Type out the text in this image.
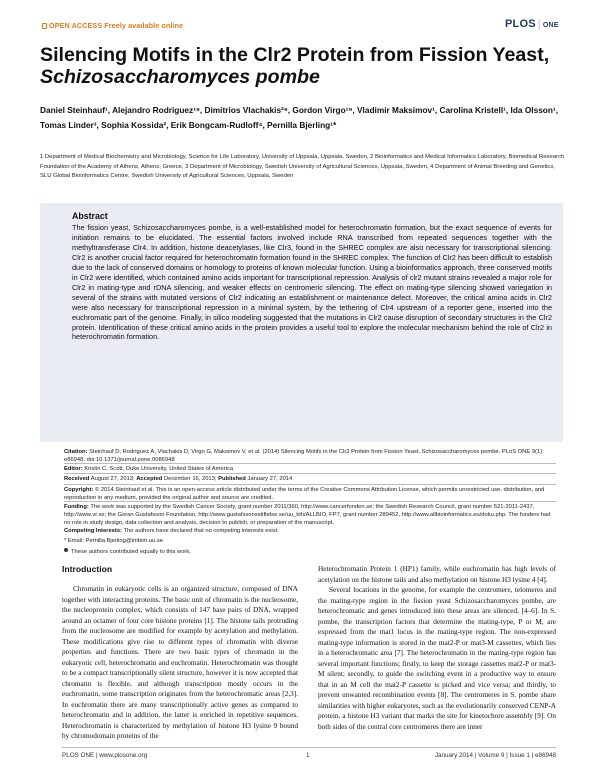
OPEN ACCESS Freely available online	PLOS | ONE
Silencing Motifs in the Clr2 Protein from Fission Yeast,
Schizosaccharomyces pombe
Daniel Steinhauf¹, Alejandro Rodriguez¹⁹, Dimitrios Vlachakis²⁹, Gordon Virgo¹⁹, Vladimir Maksimov¹, Carolina Kristell¹, Ida Olsson¹, Tomas Linder³, Sophia Kossida², Erik Bongcam-Rudloff⁴, Pernilla Bjerling¹*
1 Department of Medical Biochemistry and Microbiology, Science for Life Laboratory, University of Uppsala, Uppsala, Sweden, 2 Bioinformatics and Medical Informatics Laboratory, Biomedical Research Foundation of the Academy of Athens, Athens, Greece, 3 Department of Microbiology, Swedish University of Agricultural Sciences, Uppsala, Sweden, 4 Department of Animal Breeding and Genetics, SLU Global Bioinformatics Centre, Swedish University of Agricultural Sciences, Uppsala, Sweden
Abstract
The fission yeast, Schizosaccharomyces pombe, is a well-established model for heterochromatin formation, but the exact sequence of events for initiation remains to be elucidated. The essential factors involved include RNA transcribed from repeated sequences together with the methyltransferase Clr4. In addition, histone deacetylases, like Clr3, found in the SHREC complex are also necessary for transcriptional silencing. Clr2 is another crucial factor required for heterochromatin formation found in the SHREC complex. The function of Clr2 has been difficult to establish due to the lack of conserved domains or homology to proteins of known molecular function. Using a bioinformatics approach, three conserved motifs in Clr2 were identified, which contained amino acids important for transcriptional repression. Analysis of clr2 mutant strains revealed a major role for Clr2 in mating-type and rDNA silencing, and weaker effects on centromeric silencing. The effect on mating-type silencing showed variegation in several of the strains with mutated versions of Clr2 indicating an establishment or maintenance defect. Moreover, the critical amino acids in Clr2 were also necessary for transcriptional repression in a minimal system, by the tethering of Clr4 upstream of a reporter gene, inserted into the euchromatic part of the genome. Finally, in silico modeling suggested that the mutations in Clr2 cause disruption of secondary structures in the Clr2 protein. Identification of these critical amino acids in the protein provides a useful tool to explore the molecular mechanism behind the role of Clr2 in heterochromatin formation.
Citation: Steinhauf D, Rodriguez A, Vlachakis D, Virgo G, Maksimov V, et al. (2014) Silencing Motifs in the Clr2 Protein from Fission Yeast, Schizosaccharomyces pombe. PLoS ONE 9(1): e86948. doi:10.1371/journal.pone.0086948
Editor: Kristin C. Scott, Duke University, United States of America
Received August 27, 2013; Accepted December 16, 2013; Published January 27, 2014
Copyright: © 2014 Steinhauf et al. This is an open-access article distributed under the terms of the Creative Commons Attribution License, which permits unrestricted use, distribution, and reproduction in any medium, provided the original author and source are credited.
Funding: The work was supported by the Swedish Cancer Society, grant number 2011/360, http://www.cancerfonden.se; the Swedish Research Council, grant number 521-2011-2437, http://www.vr.se; the Goran Gustafsson Foundation, http://www.gustafssonsstiftelse.se/uu_kth/ALLBIO, FP7, grant number 289452, http://www.allbioinformatics.eu/doku.php. The funders had no role in study design, data collection and analysis, decision to publish, or preparation of the manuscript.
Competing Interests: The authors have declared that no competing interests exist.
* Email: Pernilla.Bjerling@imbim.uu.se
These authors contributed equally to this work.
Introduction

Chromatin in eukaryotic cells is an organized structure, composed of DNA together with interacting proteins. The basic unit of chromatin is the nucleosome, the nucleoprotein complex, which consists of 147 base pairs of DNA, wrapped around an octamer of four core histone proteins [1]. The histone tails protruding from the nucleosome are modified for example by acetylation and methylation. These modifications give rise to different types of chromatin with diverse properties and functions. There are two basic types of chromatin in the eukaryotic cell, heterochromatin and euchromatin. Heterochromatin was thought to be a compact transcriptionally silent structure, however it is now accepted that chromatin is flexible, and although transcription mostly occurs in the euchromatin, some transcription originates from the heterochromatic areas [2,3]. In euchromatin there are many transcriptionally active genes as compared to heterochromatin and in addition, the latter is enriched in repetitive sequences. Heterochromatin is characterized by methylation of histone H3 lysine 9 bound by chromodomain proteins of the

Heterochromatin Protein 1 (HP1) family, while euchromatin has high levels of acetylation on the histone tails and also methylation on histone H3 lysine 4 [4].

Several locations in the genome, for example the centromere, telomeres and the mating-type region in the fission yeast Schizosaccharomyces pombe, are heterochromatic and genes introduced into these areas are silenced, [4–6]. In S. pombe, the transcription factors that determine the mating-type, P or M, are expressed from the mat1 locus in the mating-type region. The non-expressed mating-type information is stored in the mat2-P or mat3-M cassettes, which lies in a heterochromatic area [7]. The heterochromatin in the mating-type region has several important functions; firstly, to keep the storage cassettes mat2-P or mat3-M silent; secondly, to guide the switching event in a productive way to ensure that in an M cell the mat2-P cassette is picked and vice versa; and thirdly, to prevent unwanted recombination events [8]. The centromeres in S. pombe share similarities with higher eukaryotes, such as the evolutionarily conserved CENP-A protein, a histone H3 variant that marks the site for kinetochore assembly [9]. On both sides of the central core centromeres there are inner

PLOS ONE | www.plosone.org	1	January 2014 | Volume 9 | Issue 1 | e86948
